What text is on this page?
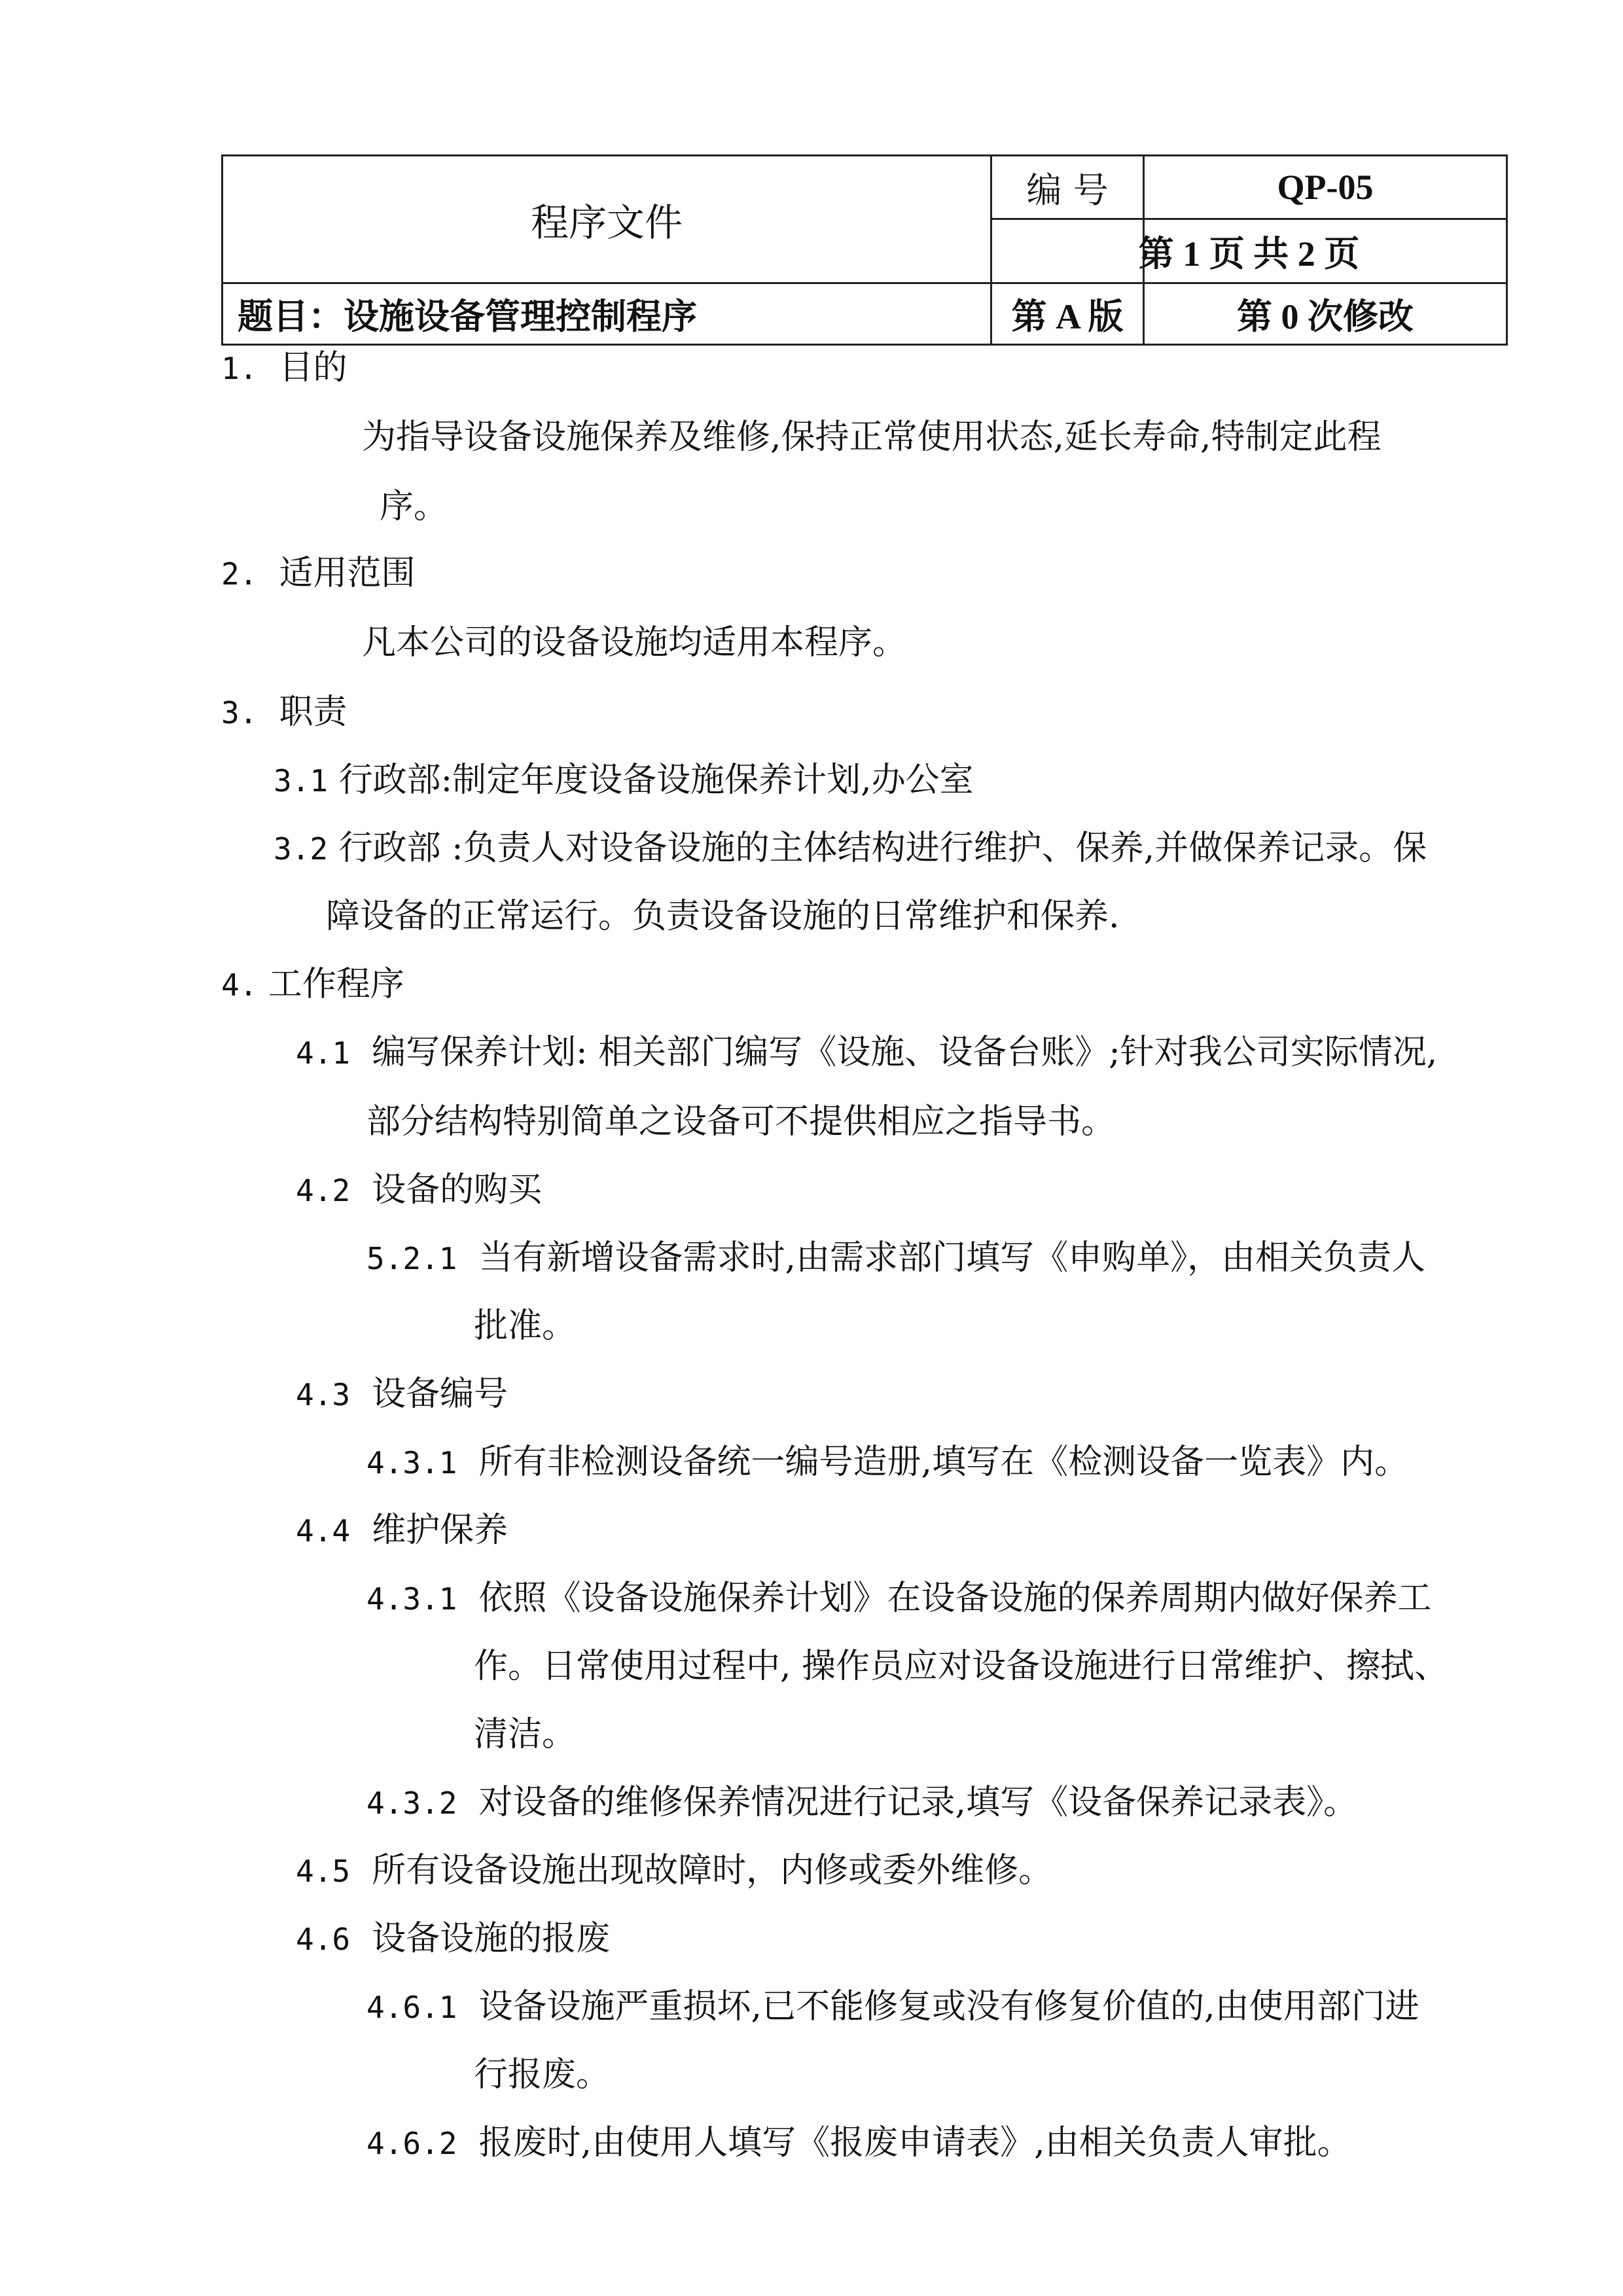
程序文件
编 号	QP-05
第 1 页 共 2 页
题目：设施设备管理控制程序	第 A 版	第 0 次修改
1. 目的
为指导设备设施保养及维修,保持正常使用状态,延长寿命,特制定此程
序。
2. 适用范围
凡本公司的设备设施均适用本程序。
3. 职责
3.1 行政部:制定年度设备设施保养计划,办公室
3.2 行政部 :负责人对设备设施的主体结构进行维护、保养,并做保养记录。保
障设备的正常运行。负责设备设施的日常维护和保养.
4. 工作程序
4.1 编写保养计划: 相关部门编写《设施、设备台账》;针对我公司实际情况,
部分结构特别简单之设备可不提供相应之指导书。
4.2 设备的购买
5.2.1 当有新增设备需求时,由需求部门填写《申购单》，由相关负责人
批准。
4.3 设备编号
4.3.1 所有非检测设备统一编号造册,填写在《检测设备一览表》内。
4.4 维护保养
4.3.1 依照《设备设施保养计划》在设备设施的保养周期内做好保养工
作。日常使用过程中, 操作员应对设备设施进行日常维护、擦拭、
清洁。
4.3.2 对设备的维修保养情况进行记录,填写《设备保养记录表》。
4.5 所有设备设施出现故障时，内修或委外维修。
4.6 设备设施的报废
4.6.1 设备设施严重损坏,已不能修复或没有修复价值的,由使用部门进
行报废。
4.6.2 报废时,由使用人填写《报废申请表》,由相关负责人审批。
